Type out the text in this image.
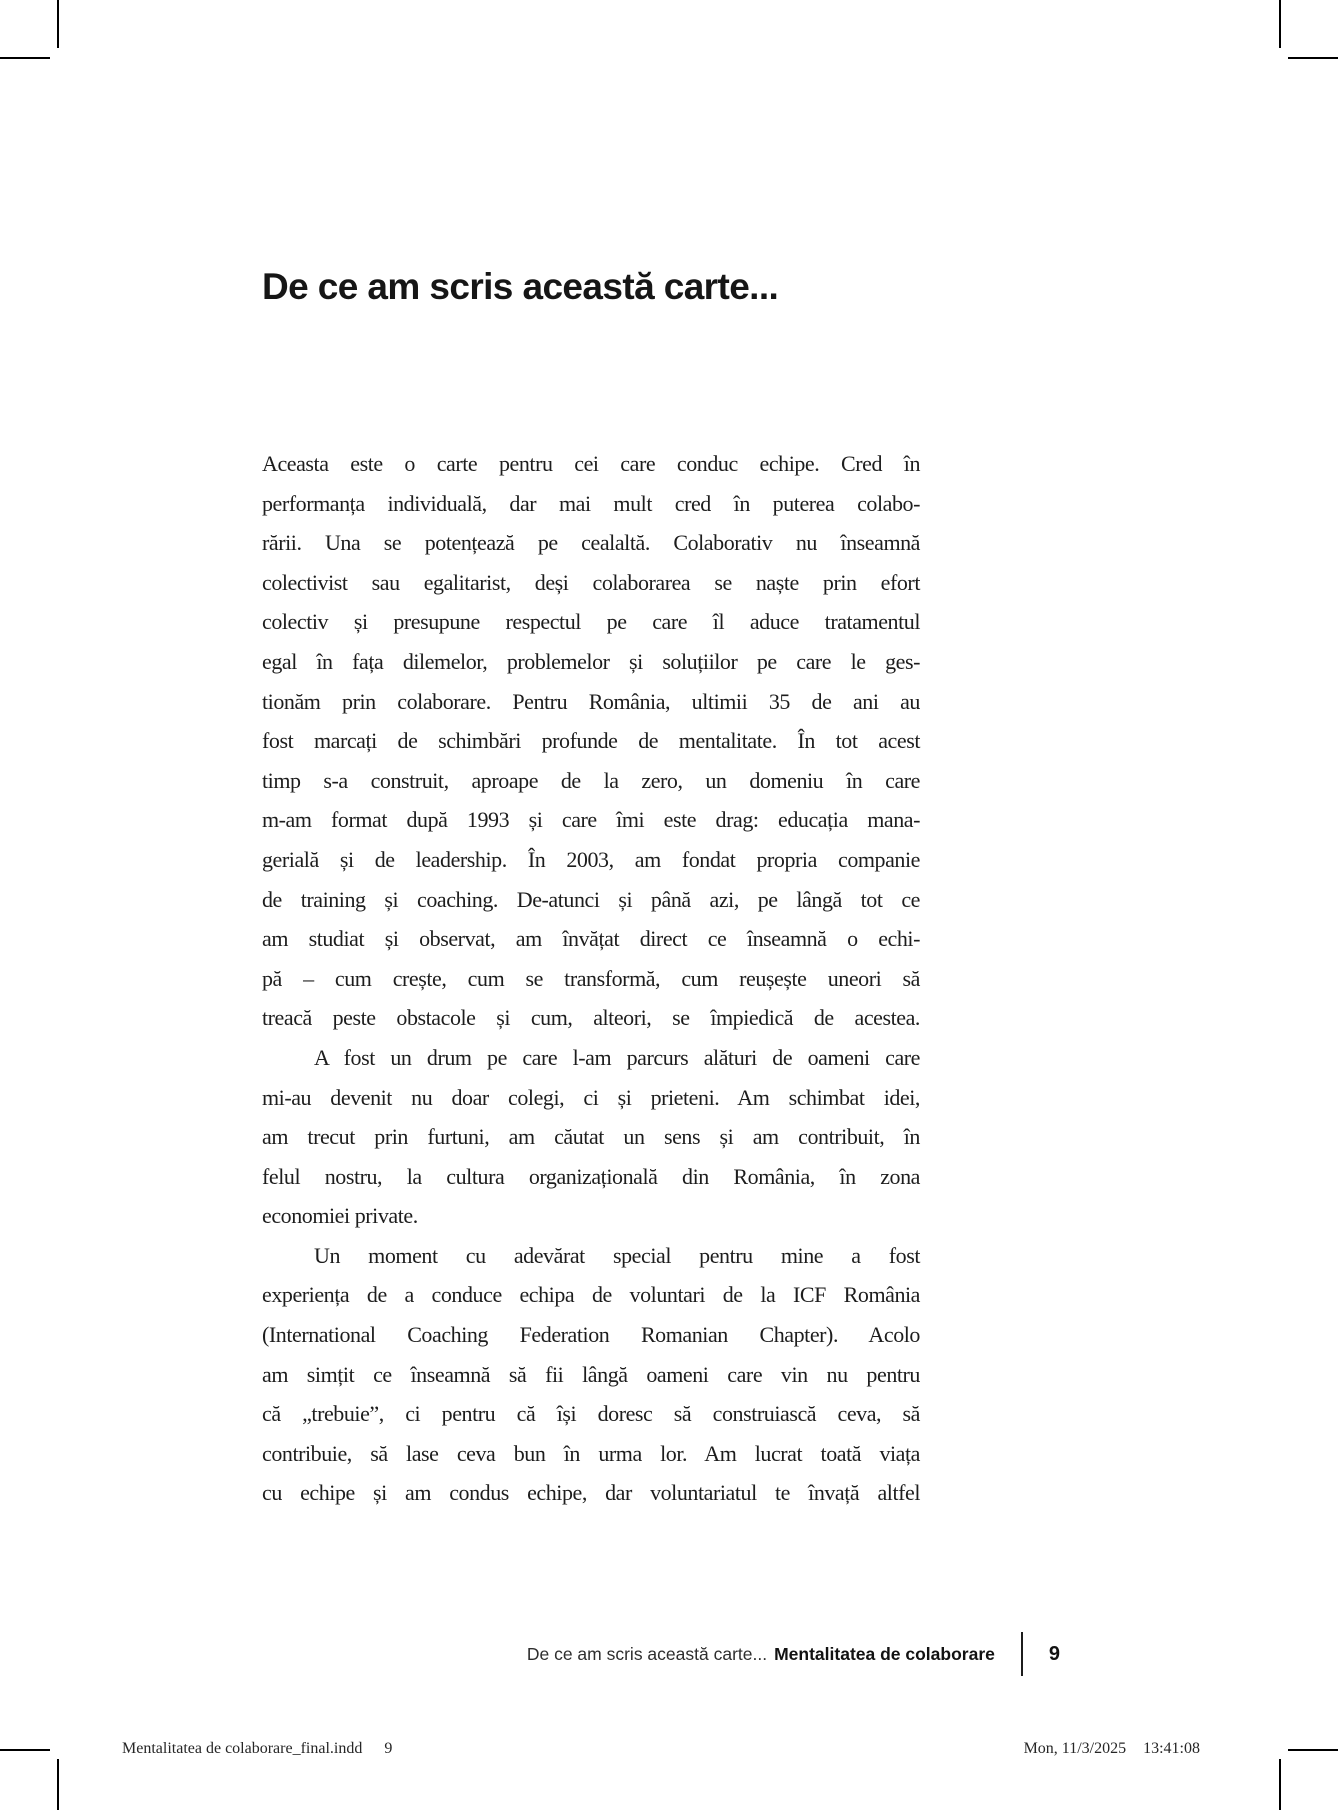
De ce am scris această carte...
Aceasta este o carte pentru cei care conduc echipe. Cred în
performanța individuală, dar mai mult cred în puterea colabo-
rării. Una se potențează pe cealaltă. Colaborativ nu înseamnă
colectivist sau egalitarist, deși colaborarea se naște prin efort
colectiv și presupune respectul pe care îl aduce tratamentul
egal în fața dilemelor, problemelor și soluțiilor pe care le ges-
tionăm prin colaborare. Pentru România, ultimii 35 de ani au
fost marcați de schimbări profunde de mentalitate. În tot acest
timp s-a construit, aproape de la zero, un domeniu în care
m-am format după 1993 și care îmi este drag: educația mana-
gerială și de leadership. În 2003, am fondat propria companie
de training și coaching. De-atunci și până azi, pe lângă tot ce
am studiat și observat, am învățat direct ce înseamnă o echi-
pă – cum crește, cum se transformă, cum reușește uneori să
treacă peste obstacole și cum, alteori, se împiedică de acestea.
A fost un drum pe care l-am parcurs alături de oameni care
mi-au devenit nu doar colegi, ci și prieteni. Am schimbat idei,
am trecut prin furtuni, am căutat un sens și am contribuit, în
felul nostru, la cultura organizațională din România, în zona
economiei private.
Un moment cu adevărat special pentru mine a fost
experiența de a conduce echipa de voluntari de la ICF România
(International Coaching Federation Romanian Chapter). Acolo
am simțit ce înseamnă să fii lângă oameni care vin nu pentru
că „trebuie”, ci pentru că își doresc să construiască ceva, să
contribuie, să lase ceva bun în urma lor. Am lucrat toată viața
cu echipe și am condus echipe, dar voluntariatul te învață altfel
De ce am scris această carte... Mentalitatea de colaborare	9
Mentalitatea de colaborare_final.indd 9	Mon, 11/3/2025 13:41:08
